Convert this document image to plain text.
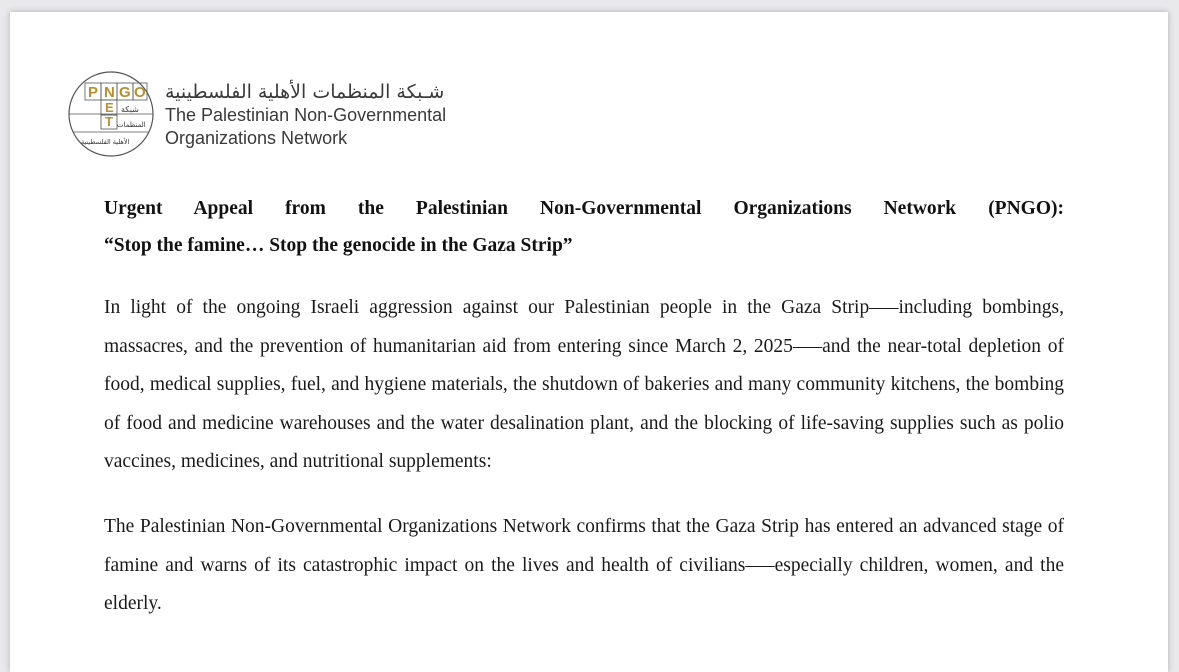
P N G O
E
T
شبكة
المنظمات
الأهلية الفلسطينية
شـبكة المنظمات الأهلية الفلسطينية
The Palestinian Non-Governmental
Organizations Network
Urgent Appeal from the Palestinian Non-Governmental Organizations Network (PNGO):
“Stop the famine… Stop the genocide in the Gaza Strip”
In light of the ongoing Israeli aggression against our Palestinian people in the Gaza Strip—–including bombings, massacres, and the prevention of humanitarian aid from entering since March 2, 2025—–and the near-total depletion of food, medical supplies, fuel, and hygiene materials, the shutdown of bakeries and many community kitchens, the bombing of food and medicine warehouses and the water desalination plant, and the blocking of life-saving supplies such as polio vaccines, medicines, and nutritional supplements:
The Palestinian Non-Governmental Organizations Network confirms that the Gaza Strip has entered an advanced stage of famine and warns of its catastrophic impact on the lives and health of civilians—–especially children, women, and the elderly.
